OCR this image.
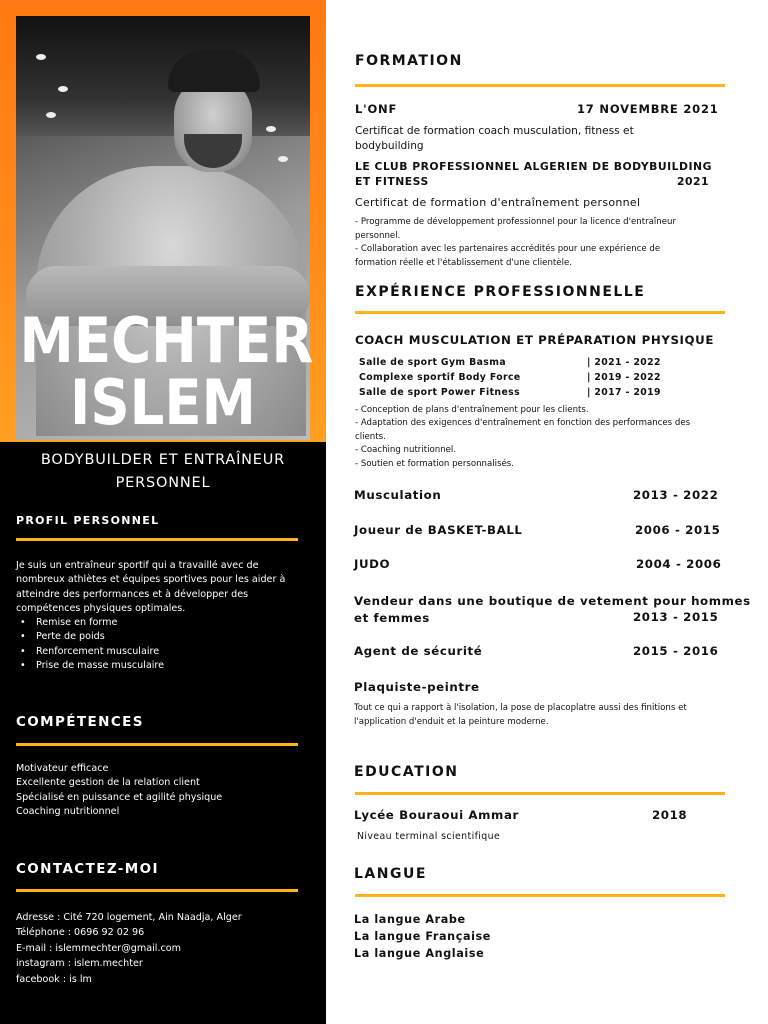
MECHTER
ISLEM
BODYBUILDER ET ENTRAÎNEUR
PERSONNEL
PROFIL PERSONNEL
Je suis un entraîneur sportif qui a travaillé avec de
nombreux athlètes et équipes sportives pour les aider à
atteindre des performances et à développer des
compétences physiques optimales.
• Remise en forme
• Perte de poids
• Renforcement musculaire
• Prise de masse musculaire
COMPÉTENCES
Motivateur efficace
Excellente gestion de la relation client
Spécialisé en puissance et agilité physique
Coaching nutritionnel
CONTACTEZ-MOI
Adresse : Cité 720 logement, Ain Naadja, Alger
Téléphone : 0696 92 02 96
E-mail : islemmechter@gmail.com
instagram : islem.mechter
facebook : is lm
FORMATION
L'ONF	17 NOVEMBRE 2021
Certificat de formation coach musculation, fitness et
bodybuilding
LE CLUB PROFESSIONNEL ALGERIEN DE BODYBUILDING
ET FITNESS	2021
Certificat de formation d'entraînement personnel
- Programme de développement professionnel pour la licence d'entraîneur
personnel.
- Collaboration avec les partenaires accrédités pour une expérience de
formation réelle et l'établissement d'une clientèle.
EXPÉRIENCE PROFESSIONNELLE
COACH MUSCULATION ET PRÉPARATION PHYSIQUE
Salle de sport Gym Basma	| 2021 - 2022
Complexe sportif Body Force	| 2019 - 2022
Salle de sport Power Fitness	| 2017 - 2019
- Conception de plans d'entraînement pour les clients.
- Adaptation des exigences d'entraînement en fonction des performances des
clients.
- Coaching nutritionnel.
- Soutien et formation personnalisés.
Musculation	2013 - 2022
Joueur de BASKET-BALL	2006 - 2015
JUDO	2004 - 2006
Vendeur dans une boutique de vetement pour hommes
et femmes	2013 - 2015
Agent de sécurité	2015 - 2016
Plaquiste-peintre
Tout ce qui a rapport à l'isolation, la pose de placoplatre aussi des finitions et
l'application d'enduit et la peinture moderne.
EDUCATION
Lycée Bouraoui Ammar	2018
Niveau terminal scientifique
LANGUE
La langue Arabe
La langue Française
La langue Anglaise
